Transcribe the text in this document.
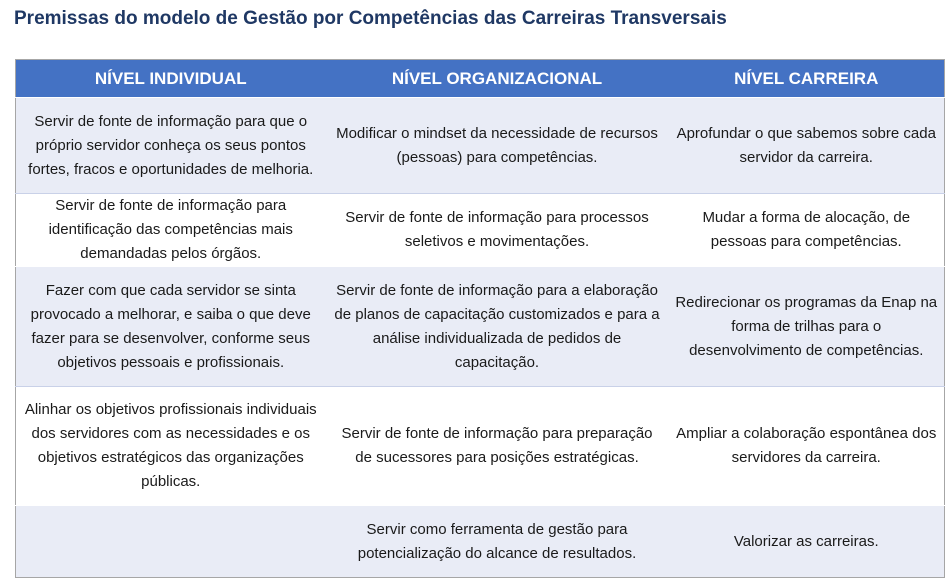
Premissas do modelo de Gestão por Competências das Carreiras Transversais
NÍVEL INDIVIDUAL	NÍVEL ORGANIZACIONAL	NÍVEL CARREIRA
Servir de fonte de informação para que o próprio servidor conheça os seus pontos fortes, fracos e oportunidades de melhoria.	Modificar o mindset da necessidade de recursos (pessoas) para competências.	Aprofundar o que sabemos sobre cada servidor da carreira.
Servir de fonte de informação para identificação das competências mais demandadas pelos órgãos.	Servir de fonte de informação para processos seletivos e movimentações.	Mudar a forma de alocação, de pessoas para competências.
Fazer com que cada servidor se sinta provocado a melhorar, e saiba o que deve fazer para se desenvolver, conforme seus objetivos pessoais e profissionais.	Servir de fonte de informação para a elaboração de planos de capacitação customizados e para a análise individualizada de pedidos de capacitação.	Redirecionar os programas da Enap na forma de trilhas para o desenvolvimento de competências.
Alinhar os objetivos profissionais individuais dos servidores com as necessidades e os objetivos estratégicos das organizações públicas.	Servir de fonte de informação para preparação de sucessores para posições estratégicas.	Ampliar a colaboração espontânea dos servidores da carreira.
	Servir como ferramenta de gestão para potencialização do alcance de resultados.	Valorizar as carreiras.
